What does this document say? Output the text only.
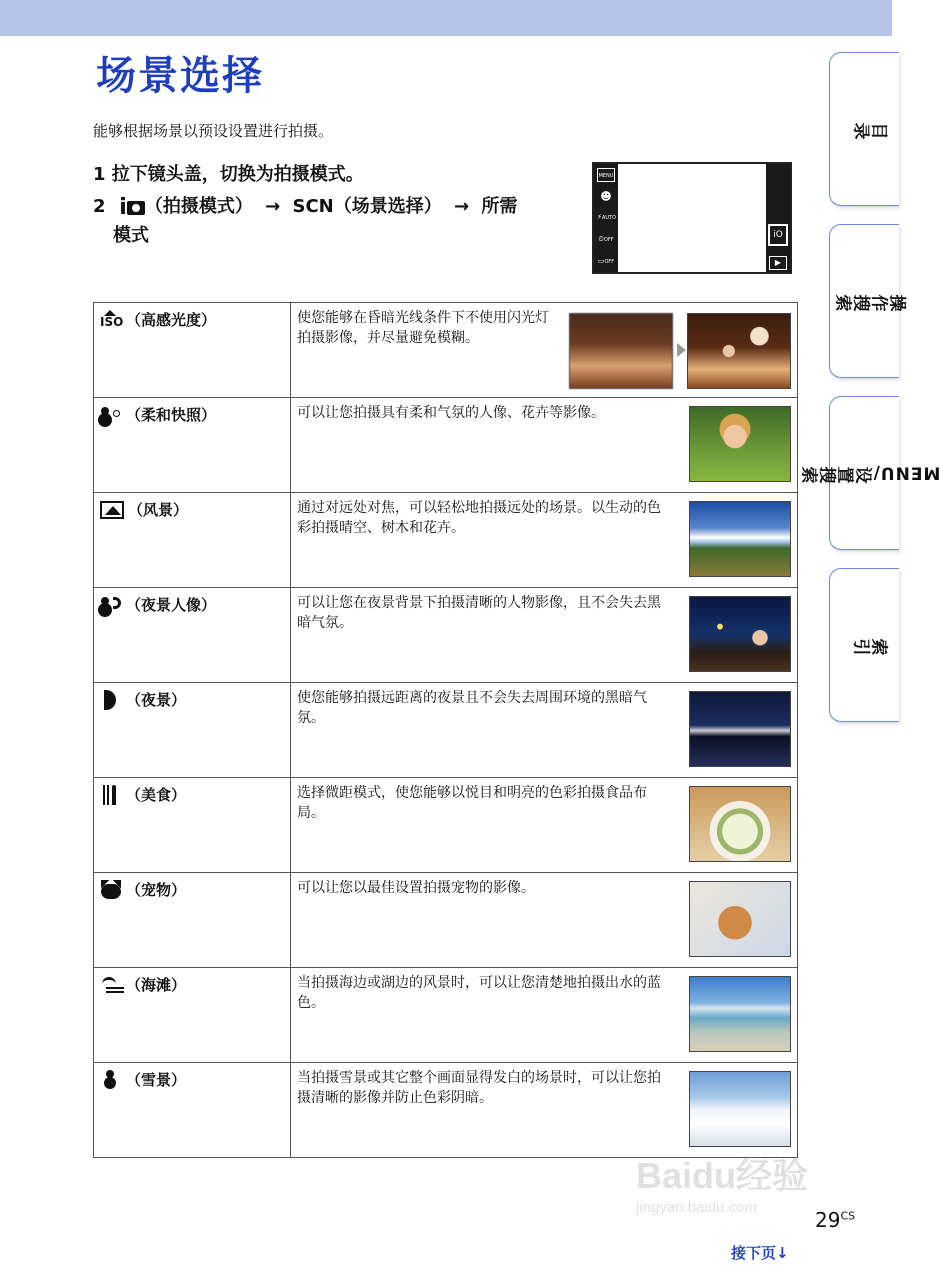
场景选择
能够根据场景以预设设置进行拍摄。
1 拉下镜头盖，切换为拍摄模式。
2 i （拍摄模式） → SCN（场景选择） → 所需
模式
MENU
☻
⚡AUTO
⏲OFF
▭OFF
iO
▶
目录
操作搜索
MENU/设置搜索
索引
ISO
（高感光度）	使您能够在昏暗光线条件下不使用闪光灯拍摄影像，并尽量避免模糊。

（柔和快照）	可以让您拍摄具有柔和气氛的人像、花卉等影像。

（风景）	通过对远处对焦，可以轻松地拍摄远处的场景。以生动的色彩拍摄晴空、树木和花卉。

（夜景人像）	可以让您在夜景背景下拍摄清晰的人物影像，且不会失去黑暗气氛。

（夜景）	使您能够拍摄远距离的夜景且不会失去周围环境的黑暗气氛。

（美食）	选择微距模式，使您能够以悦目和明亮的色彩拍摄食品布局。

（宠物）	可以让您以最佳设置拍摄宠物的影像。

（海滩）	当拍摄海边或湖边的风景时，可以让您清楚地拍摄出水的蓝色。

（雪景）	当拍摄雪景或其它整个画面显得发白的场景时，可以让您拍摄清晰的影像并防止色彩阴暗。
Baidu经验
jingyan.baidu.com
$29^{CS}$
接下页↓
